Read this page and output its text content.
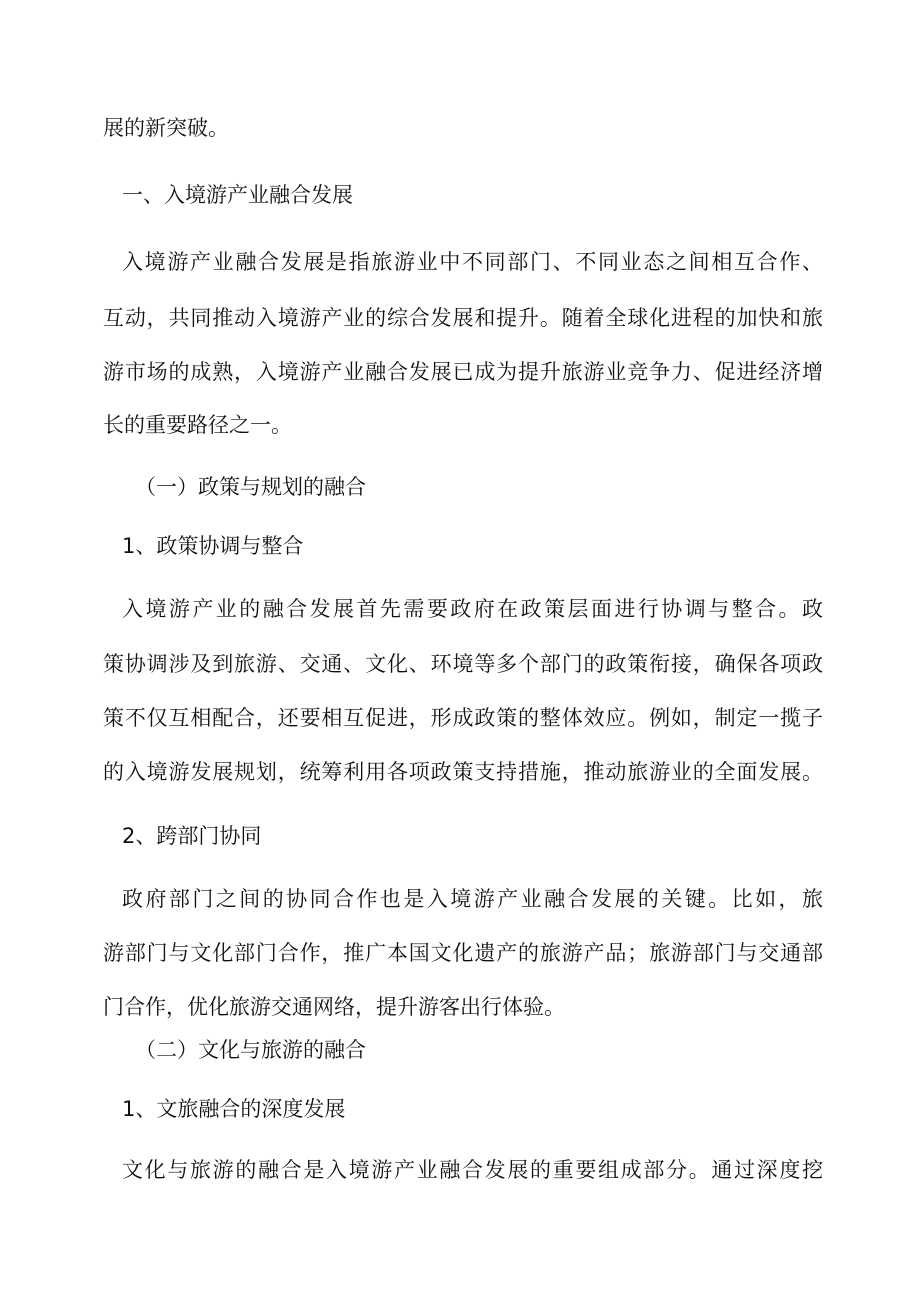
展的新突破。
一、入境游产业融合发展
入境游产业融合发展是指旅游业中不同部门、不同业态之间相互合作、
互动，共同推动入境游产业的综合发展和提升。随着全球化进程的加快和旅
游市场的成熟，入境游产业融合发展已成为提升旅游业竞争力、促进经济增
长的重要路径之一。
（一）政策与规划的融合
1、政策协调与整合
入境游产业的融合发展首先需要政府在政策层面进行协调与整合。政
策协调涉及到旅游、交通、文化、环境等多个部门的政策衔接，确保各项政
策不仅互相配合，还要相互促进，形成政策的整体效应。例如，制定一揽子
的入境游发展规划，统筹利用各项政策支持措施，推动旅游业的全面发展。
2、跨部门协同
政府部门之间的协同合作也是入境游产业融合发展的关键。比如，旅
游部门与文化部门合作，推广本国文化遗产的旅游产品；旅游部门与交通部
门合作，优化旅游交通网络，提升游客出行体验。
（二）文化与旅游的融合
1、文旅融合的深度发展
文化与旅游的融合是入境游产业融合发展的重要组成部分。通过深度挖
